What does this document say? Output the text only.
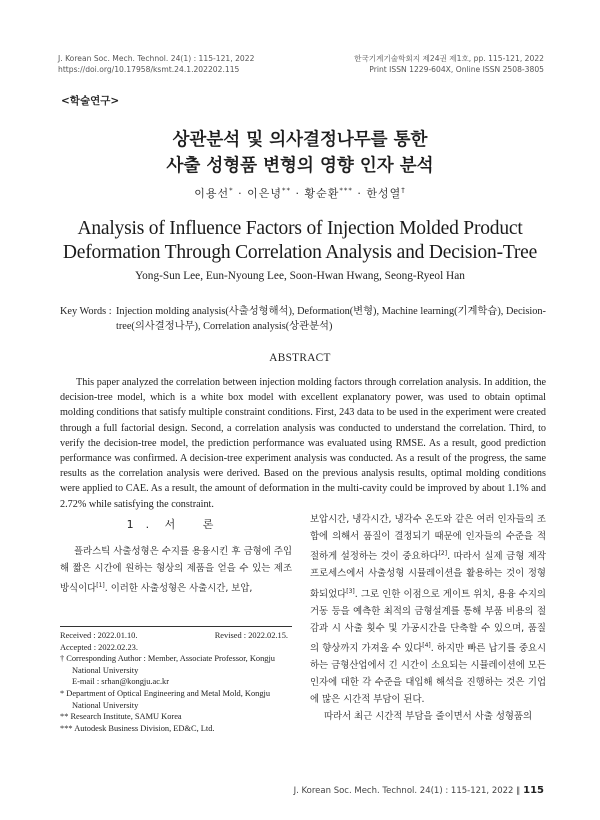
J. Korean Soc. Mech. Technol. 24(1) : 115-121, 2022
https://doi.org/10.17958/ksmt.24.1.202202.115
한국기계기술학회지 제24권 제1호, pp. 115-121, 2022
Print ISSN 1229-604X, Online ISSN 2508-3805
<학술연구>
상관분석 및 의사결정나무를 통한
사출 성형품 변형의 영향 인자 분석
이용선* · 이은녕** · 황순환*** · 한성열†
Analysis of Influence Factors of Injection Molded Product
Deformation Through Correlation Analysis and Decision-Tree
Yong-Sun Lee, Eun-Nyoung Lee, Soon-Hwan Hwang, Seong-Ryeol Han
Key Words : Injection molding analysis(사출성형해석), Deformation(변형), Machine learning(기계학습), Decision-tree(의사결정나무), Correlation analysis(상관분석)
ABSTRACT
This paper analyzed the correlation between injection molding factors through correlation analysis. In addition, the decision-tree model, which is a white box model with excellent explanatory power, was used to obtain optimal molding conditions that satisfy multiple constraint conditions. First, 243 data to be used in the experiment were created through a full factorial design. Second, a correlation analysis was conducted to understand the correlation. Third, to verify the decision-tree model, the prediction performance was evaluated using RMSE. As a result, good prediction performance was confirmed. A decision-tree experiment analysis was conducted. As a result of the progress, the same results as the correlation analysis were derived. Based on the previous analysis results, optimal molding conditions were applied to CAE. As a result, the amount of deformation in the multi-cavity could be improved by about 1.1% and 2.72% while satisfying the constraint.
1. 서 론
플라스틱 사출성형은 수지를 용융시킨 후 금형에 주입해 짧은 시간에 원하는 형상의 제품을 얻을 수 있는 제조 방식이다[1]. 이러한 사출성형은 사출시간, 보압,
Received : 2022.01.10.	Revised : 2022.02.15.
Accepted : 2022.02.23.
† Corresponding Author : Member, Associate Professor, Kongju National University
E-mail : srhan@kongju.ac.kr
* Department of Optical Engineering and Metal Mold, Kongju National University
** Research Institute, SAMU Korea
*** Autodesk Business Division, ED&C, Ltd.
보압시간, 냉각시간, 냉각수 온도와 같은 여러 인자들의 조합에 의해서 품질이 결정되기 때문에 인자들의 수준을 적절하게 설정하는 것이 중요하다[2]. 따라서 실제 금형 제작 프로세스에서 사출성형 시뮬레이션을 활용하는 것이 정형화되었다[3]. 그로 인한 이점으로 게이트 위치, 용융 수지의 거동 등을 예측한 최적의 금형설계를 통해 부품 비용의 절감과 시 사출 횟수 및 가공시간을 단축할 수 있으며, 품질의 향상까지 가져올 수 있다[4]. 하지만 빠른 납기를 중요시하는 금형산업에서 긴 시간이 소요되는 시뮬레이션에 모든 인자에 대한 각 수준을 대입해 해석을 진행하는 것은 기업에 많은 시간적 부담이 된다.
따라서 최근 시간적 부담을 줄이면서 사출 성형품의
J. Korean Soc. Mech. Technol. 24(1) : 115-121, 2022 ∥ 115
